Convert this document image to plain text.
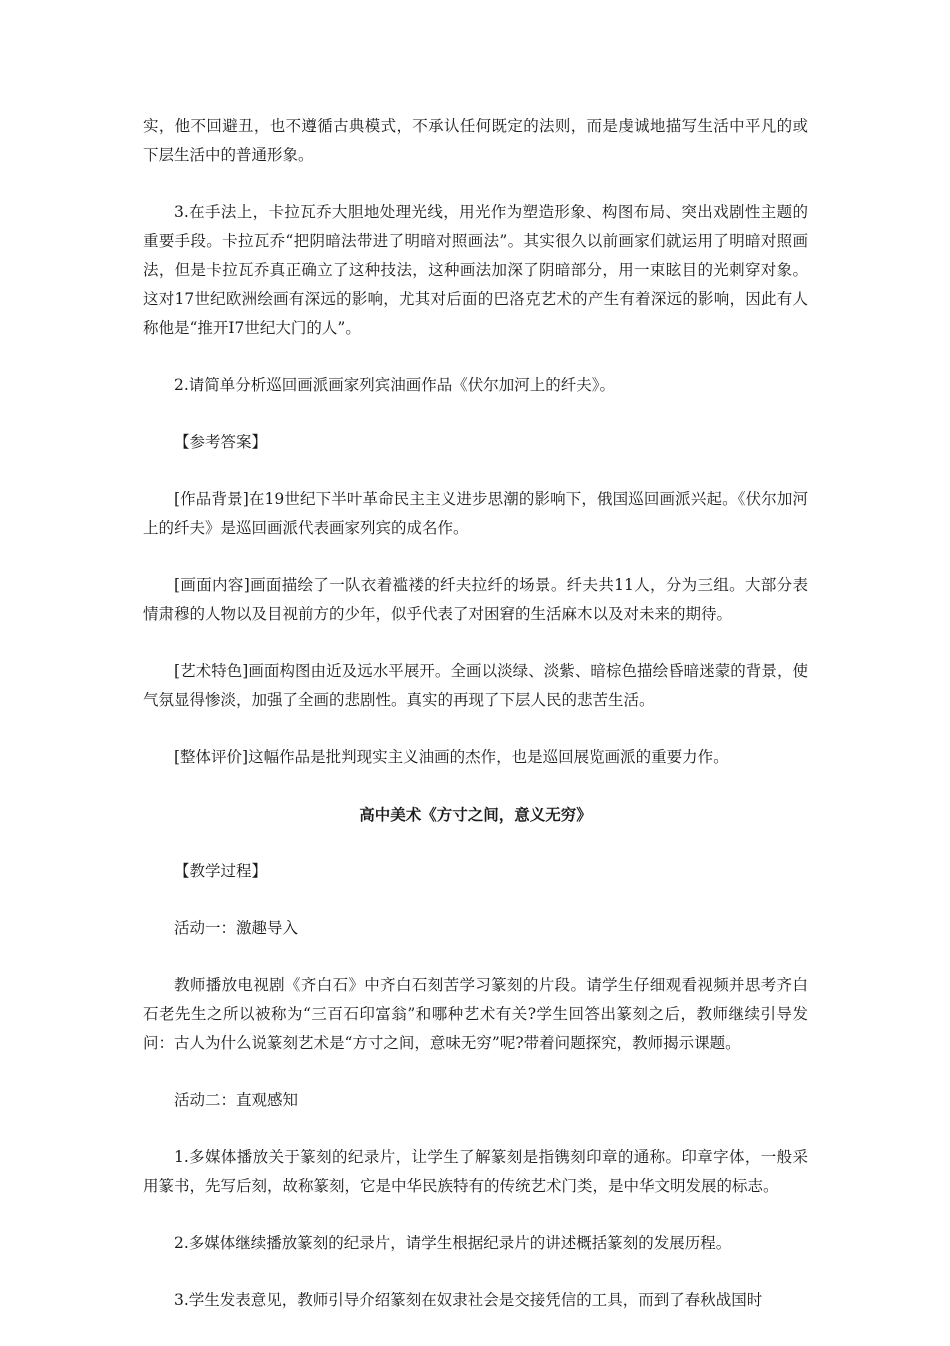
实，他不回避丑，也不遵循古典模式，不承认任何既定的法则，而是虔诚地描写生活中平凡的或下层生活中的普通形象。

3.在手法上，卡拉瓦乔大胆地处理光线，用光作为塑造形象、构图布局、突出戏剧性主题的重要手段。卡拉瓦乔“把阴暗法带进了明暗对照画法”。其实很久以前画家们就运用了明暗对照画法，但是卡拉瓦乔真正确立了这种技法，这种画法加深了阴暗部分，用一束眩目的光刺穿对象。这对17世纪欧洲绘画有深远的影响，尤其对后面的巴洛克艺术的产生有着深远的影响，因此有人称他是“推开I7世纪大门的人”。

2.请简单分析巡回画派画家列宾油画作品《伏尔加河上的纤夫》。

【参考答案】

[作品背景]在19世纪下半叶革命民主主义进步思潮的影响下，俄国巡回画派兴起。《伏尔加河上的纤夫》是巡回画派代表画家列宾的成名作。

[画面内容]画面描绘了一队衣着褴褛的纤夫拉纤的场景。纤夫共11人，分为三组。大部分表情肃穆的人物以及目视前方的少年，似乎代表了对困窘的生活麻木以及对未来的期待。

[艺术特色]画面构图由近及远水平展开。全画以淡绿、淡紫、暗棕色描绘昏暗迷蒙的背景，使气氛显得惨淡，加强了全画的悲剧性。真实的再现了下层人民的悲苦生活。

[整体评价]这幅作品是批判现实主义油画的杰作，也是巡回展览画派的重要力作。

高中美术《方寸之间，意义无穷》

【教学过程】

活动一：激趣导入

教师播放电视剧《齐白石》中齐白石刻苦学习篆刻的片段。请学生仔细观看视频并思考齐白石老先生之所以被称为“三百石印富翁”和哪种艺术有关?学生回答出篆刻之后，教师继续引导发问：古人为什么说篆刻艺术是“方寸之间，意味无穷”呢?带着问题探究，教师揭示课题。

活动二：直观感知

1.多媒体播放关于篆刻的纪录片，让学生了解篆刻是指镌刻印章的通称。印章字体，一般采用篆书，先写后刻，故称篆刻，它是中华民族特有的传统艺术门类，是中华文明发展的标志。

2.多媒体继续播放篆刻的纪录片，请学生根据纪录片的讲述概括篆刻的发展历程。

3.学生发表意见，教师引导介绍篆刻在奴隶社会是交接凭信的工具，而到了春秋战国时
